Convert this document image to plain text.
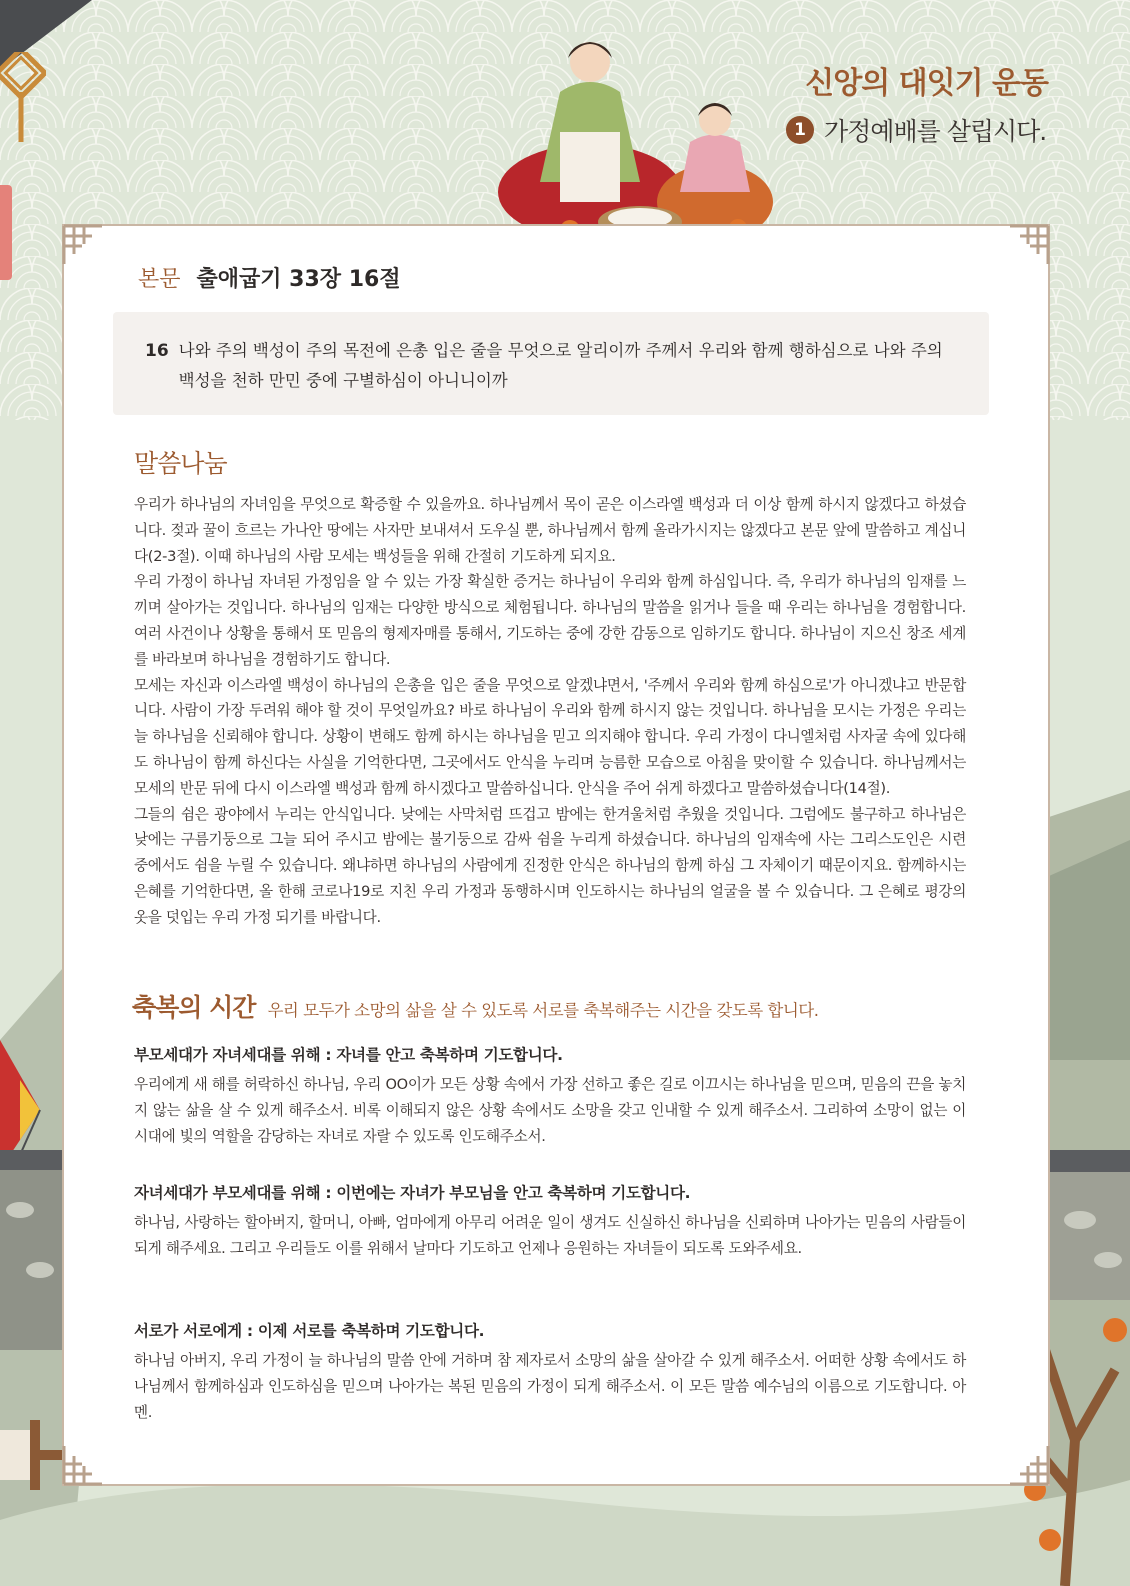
신앙의 대잇기 운동
1 가정예배를 살립시다.
본문 출애굽기 33장 16절
16 나와 주의 백성이 주의 목전에 은총 입은 줄을 무엇으로 알리이까 주께서 우리와 함께 행하심으로 나와 주의 백성을 천하 만민 중에 구별하심이 아니니이까
말씀나눔

우리가 하나님의 자녀임을 무엇으로 확증할 수 있을까요. 하나님께서 목이 곧은 이스라엘 백성과 더 이상 함께 하시지 않겠다고 하셨습니다. 젖과 꿀이 흐르는 가나안 땅에는 사자만 보내셔서 도우실 뿐, 하나님께서 함께 올라가시지는 않겠다고 본문 앞에 말씀하고 계십니다(2-3절). 이때 하나님의 사람 모세는 백성들을 위해 간절히 기도하게 되지요.

우리 가정이 하나님 자녀된 가정임을 알 수 있는 가장 확실한 증거는 하나님이 우리와 함께 하심입니다. 즉, 우리가 하나님의 임재를 느끼며 살아가는 것입니다. 하나님의 임재는 다양한 방식으로 체험됩니다. 하나님의 말씀을 읽거나 들을 때 우리는 하나님을 경험합니다. 여러 사건이나 상황을 통해서 또 믿음의 형제자매를 통해서, 기도하는 중에 강한 감동으로 임하기도 합니다. 하나님이 지으신 창조 세계를 바라보며 하나님을 경험하기도 합니다.

모세는 자신과 이스라엘 백성이 하나님의 은총을 입은 줄을 무엇으로 알겠냐면서, '주께서 우리와 함께 하심으로'가 아니겠냐고 반문합니다. 사람이 가장 두려워 해야 할 것이 무엇일까요? 바로 하나님이 우리와 함께 하시지 않는 것입니다. 하나님을 모시는 가정은 우리는 늘 하나님을 신뢰해야 합니다. 상황이 변해도 함께 하시는 하나님을 믿고 의지해야 합니다. 우리 가정이 다니엘처럼 사자굴 속에 있다해도 하나님이 함께 하신다는 사실을 기억한다면, 그곳에서도 안식을 누리며 능름한 모습으로 아침을 맞이할 수 있습니다. 하나님께서는 모세의 반문 뒤에 다시 이스라엘 백성과 함께 하시겠다고 말씀하십니다. 안식을 주어 쉬게 하겠다고 말씀하셨습니다(14절).

그들의 쉼은 광야에서 누리는 안식입니다. 낮에는 사막처럼 뜨겁고 밤에는 한겨울처럼 추웠을 것입니다. 그럼에도 불구하고 하나님은 낮에는 구름기둥으로 그늘 되어 주시고 밤에는 불기둥으로 감싸 쉼을 누리게 하셨습니다. 하나님의 임재속에 사는 그리스도인은 시련 중에서도 쉼을 누릴 수 있습니다. 왜냐하면 하나님의 사람에게 진정한 안식은 하나님의 함께 하심 그 자체이기 때문이지요. 함께하시는 은혜를 기억한다면, 올 한해 코로나19로 지친 우리 가정과 동행하시며 인도하시는 하나님의 얼굴을 볼 수 있습니다. 그 은혜로 평강의 옷을 덧입는 우리 가정 되기를 바랍니다.

축복의 시간 우리 모두가 소망의 삶을 살 수 있도록 서로를 축복해주는 시간을 갖도록 합니다.
부모세대가 자녀세대를 위해 : 자녀를 안고 축복하며 기도합니다.
우리에게 새 해를 허락하신 하나님, 우리 OO이가 모든 상황 속에서 가장 선하고 좋은 길로 이끄시는 하나님을 믿으며, 믿음의 끈을 놓치지 않는 삶을 살 수 있게 해주소서. 비록 이해되지 않은 상황 속에서도 소망을 갖고 인내할 수 있게 해주소서. 그리하여 소망이 없는 이 시대에 빛의 역할을 감당하는 자녀로 자랄 수 있도록 인도해주소서.
자녀세대가 부모세대를 위해 : 이번에는 자녀가 부모님을 안고 축복하며 기도합니다.
하나님, 사랑하는 할아버지, 할머니, 아빠, 엄마에게 아무리 어려운 일이 생겨도 신실하신 하나님을 신뢰하며 나아가는 믿음의 사람들이 되게 해주세요. 그리고 우리들도 이를 위해서 날마다 기도하고 언제나 응원하는 자녀들이 되도록 도와주세요.
서로가 서로에게 : 이제 서로를 축복하며 기도합니다.
하나님 아버지, 우리 가정이 늘 하나님의 말씀 안에 거하며 참 제자로서 소망의 삶을 살아갈 수 있게 해주소서. 어떠한 상황 속에서도 하나님께서 함께하심과 인도하심을 믿으며 나아가는 복된 믿음의 가정이 되게 해주소서. 이 모든 말씀 예수님의 이름으로 기도합니다. 아멘.
